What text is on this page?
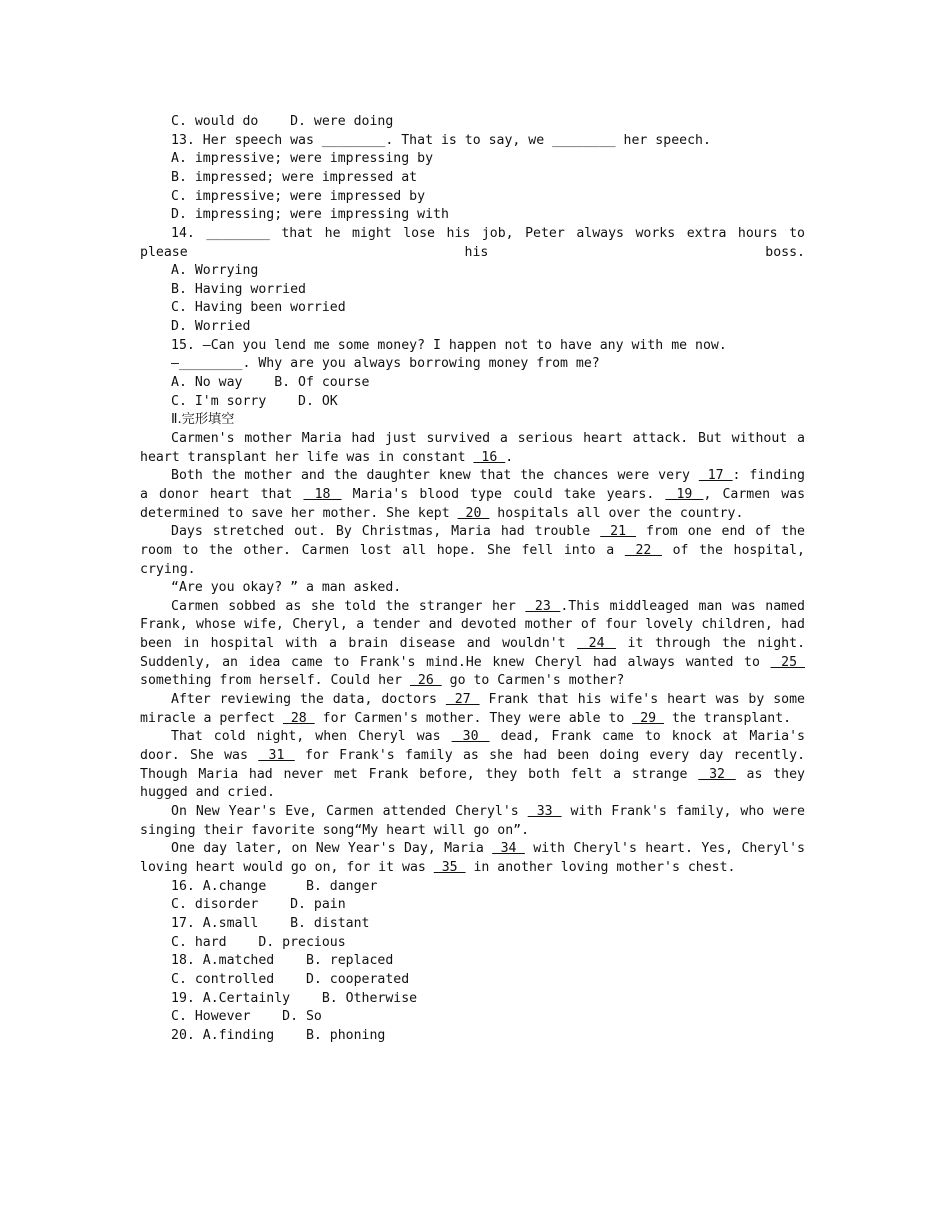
C. would do    D. were doing
13. Her speech was ________. That is to say, we ________ her speech.
A. impressive; were impressing by
B. impressed; were impressed at
C. impressive; were impressed by
D. impressing; were impressing with
14. ________ that he might lose his job, Peter always works extra hours to please his boss.
A. Worrying
B. Having worried
C. Having been worried
D. Worried
15. —Can you lend me some money? I happen not to have any with me now.
—________. Why are you always borrowing money from me?
A. No way    B. Of course
C. I'm sorry    D. OK
Ⅱ.完形填空
Carmen's mother Maria had just survived a serious heart attack. But without a heart transplant her life was in constant  16 .
Both the mother and the daughter knew that the chances were very  17 : finding a donor heart that  18  Maria's blood type could take years.  19 , Carmen was determined to save her mother. She kept  20  hospitals all over the country.
Days stretched out. By Christmas, Maria had trouble  21  from one end of the room to the other. Carmen lost all hope. She fell into a  22  of the hospital, crying.
“Are you okay? ” a man asked.
Carmen sobbed as she told the stranger her  23 .This middleaged man was named Frank, whose wife, Cheryl, a tender and devoted mother of four lovely children, had been in hospital with a brain disease and wouldn't  24  it through the night. Suddenly, an idea came to Frank's mind.He knew Cheryl had always wanted to  25  something from herself. Could her  26  go to Carmen's mother?
After reviewing the data, doctors  27  Frank that his wife's heart was by some miracle a perfect  28  for Carmen's mother. They were able to  29  the transplant.
That cold night, when Cheryl was  30  dead, Frank came to knock at Maria's door. She was  31  for Frank's family as she had been doing every day recently. Though Maria had never met Frank before, they both felt a strange  32  as they hugged and cried.
On New Year's Eve, Carmen attended Cheryl's  33  with Frank's family, who were singing their favorite song“My heart will go on”.
One day later, on New Year's Day, Maria  34  with Cheryl's heart. Yes, Cheryl's loving heart would go on, for it was  35  in another loving mother's chest.
16. A.change     B. danger
C. disorder    D. pain
17. A.small    B. distant
C. hard    D. precious
18. A.matched    B. replaced
C. controlled    D. cooperated
19. A.Certainly    B. Otherwise
C. However    D. So
20. A.finding    B. phoning
